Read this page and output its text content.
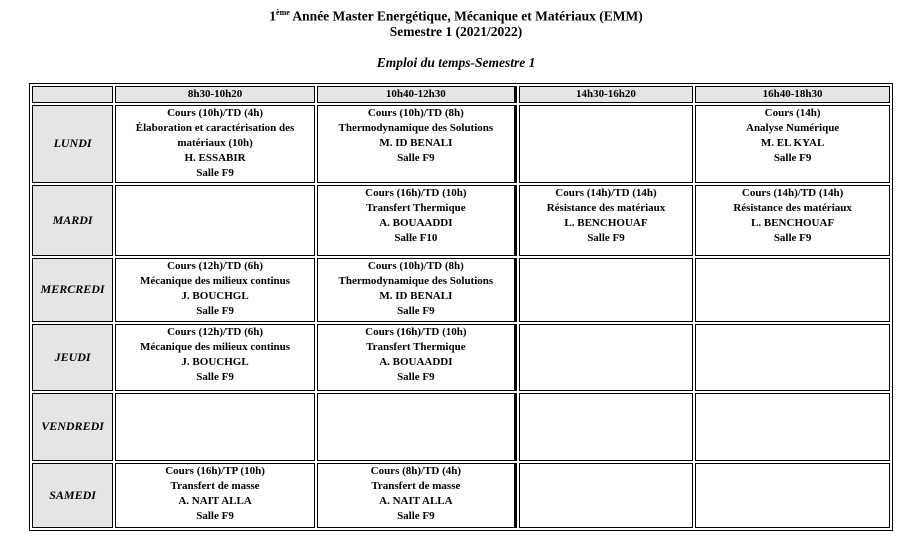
1ème Année Master Energétique, Mécanique et Matériaux (EMM)
Semestre 1 (2021/2022)
Emploi du temps-Semestre 1
	8h30-10h20	10h40-12h30	14h30-16h20	16h40-18h30
LUNDI	Cours (10h)/TD (4h)
Élaboration et caractérisation des matériaux (10h)
H. ESSABIR
Salle F9	Cours (10h)/TD (8h)
Thermodynamique des Solutions
M. ID BENALI
Salle F9		Cours (14h)
Analyse Numérique
M. EL KYAL
Salle F9

MARDI		Cours (16h)/TD (10h)
Transfert Thermique
A. BOUAADDI
Salle F10	Cours (14h)/TD (14h)
Résistance des matériaux
L. BENCHOUAF
Salle F9	Cours (14h)/TD (14h)
Résistance des matériaux
L. BENCHOUAF
Salle F9

MERCREDI	Cours (12h)/TD (6h)
Mécanique des milieux continus
J. BOUCHGL
Salle F9	Cours (10h)/TD (8h)
Thermodynamique des Solutions
M. ID BENALI
Salle F9		

JEUDI	Cours (12h)/TD (6h)
Mécanique des milieux continus
J. BOUCHGL
Salle F9	Cours (16h)/TD (10h)
Transfert Thermique
A. BOUAADDI
Salle F9		

VENDREDI				
SAMEDI	Cours (16h)/TP (10h)
Transfert de masse
A. NAIT ALLA
Salle F9	Cours (8h)/TD (4h)
Transfert de masse
A. NAIT ALLA
Salle F9		
